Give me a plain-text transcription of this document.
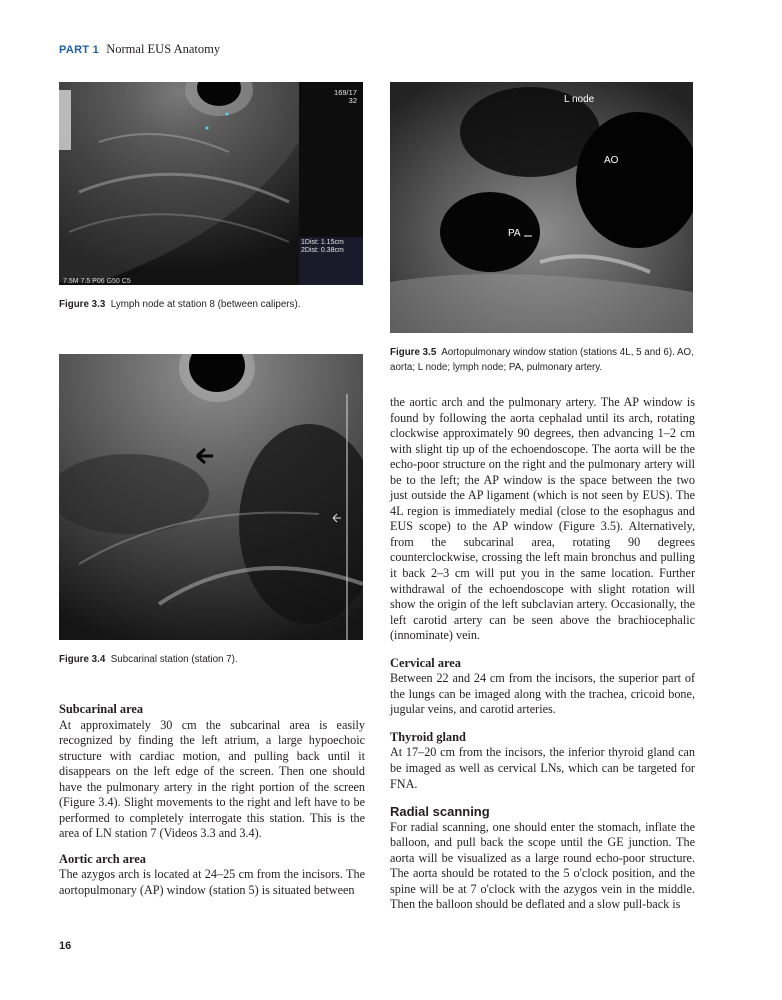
PART 1 Normal EUS Anatomy
169/17
32
1Dist: 1.15cm
2Dist: 0.38cm
7.5M 7.5 P06 G50 C5
Figure 3.3 Lymph node at station 8 (between calipers).
L node
AO
PA
Figure 3.5 Aortopulmonary window station (stations 4L, 5 and 6). AO, aorta; L node; lymph node; PA, pulmonary artery.
Figure 3.4 Subcarinal station (station 7).

Subcarinal area

At approximately 30 cm the subcarinal area is easily recognized by finding the left atrium, a large hypoechoic structure with cardiac motion, and pulling back until it disappears on the left edge of the screen. Then one should have the pulmonary artery in the right portion of the screen (Figure 3.4). Slight movements to the right and left have to be performed to completely interrogate this station. This is the area of LN station 7 (Videos 3.3 and 3.4).

Aortic arch area

The azygos arch is located at 24–25 cm from the incisors. The aortopulmonary (AP) window (station 5) is situated between

the aortic arch and the pulmonary artery. The AP window is found by following the aorta cephalad until its arch, rotating clockwise approximately 90 degrees, then advancing 1–2 cm with slight tip up of the echoendoscope. The aorta will be the echo-poor structure on the right and the pulmonary artery will be to the left; the AP window is the space between the two just outside the AP ligament (which is not seen by EUS). The 4L region is immediately medial (close to the esophagus and EUS scope) to the AP window (Figure 3.5). Alternatively, from the subcarinal area, rotating 90 degrees counterclockwise, crossing the left main bronchus and pulling it back 2–3 cm will put you in the same location. Further withdrawal of the echoendoscope with slight rotation will show the origin of the left subclavian artery. Occasionally, the left carotid artery can be seen above the brachiocephalic (innominate) vein.

Cervical area

Between 22 and 24 cm from the incisors, the superior part of the lungs can be imaged along with the trachea, cricoid bone, jugular veins, and carotid arteries.

Thyroid gland

At 17–20 cm from the incisors, the inferior thyroid gland can be imaged as well as cervical LNs, which can be targeted for FNA.

Radial scanning

For radial scanning, one should enter the stomach, inflate the balloon, and pull back the scope until the GE junction. The aorta will be visualized as a large round echo-poor structure. The aorta should be rotated to the 5 o'clock position, and the spine will be at 7 o'clock with the azygos vein in the middle. Then the balloon should be deflated and a slow pull-back is

16
